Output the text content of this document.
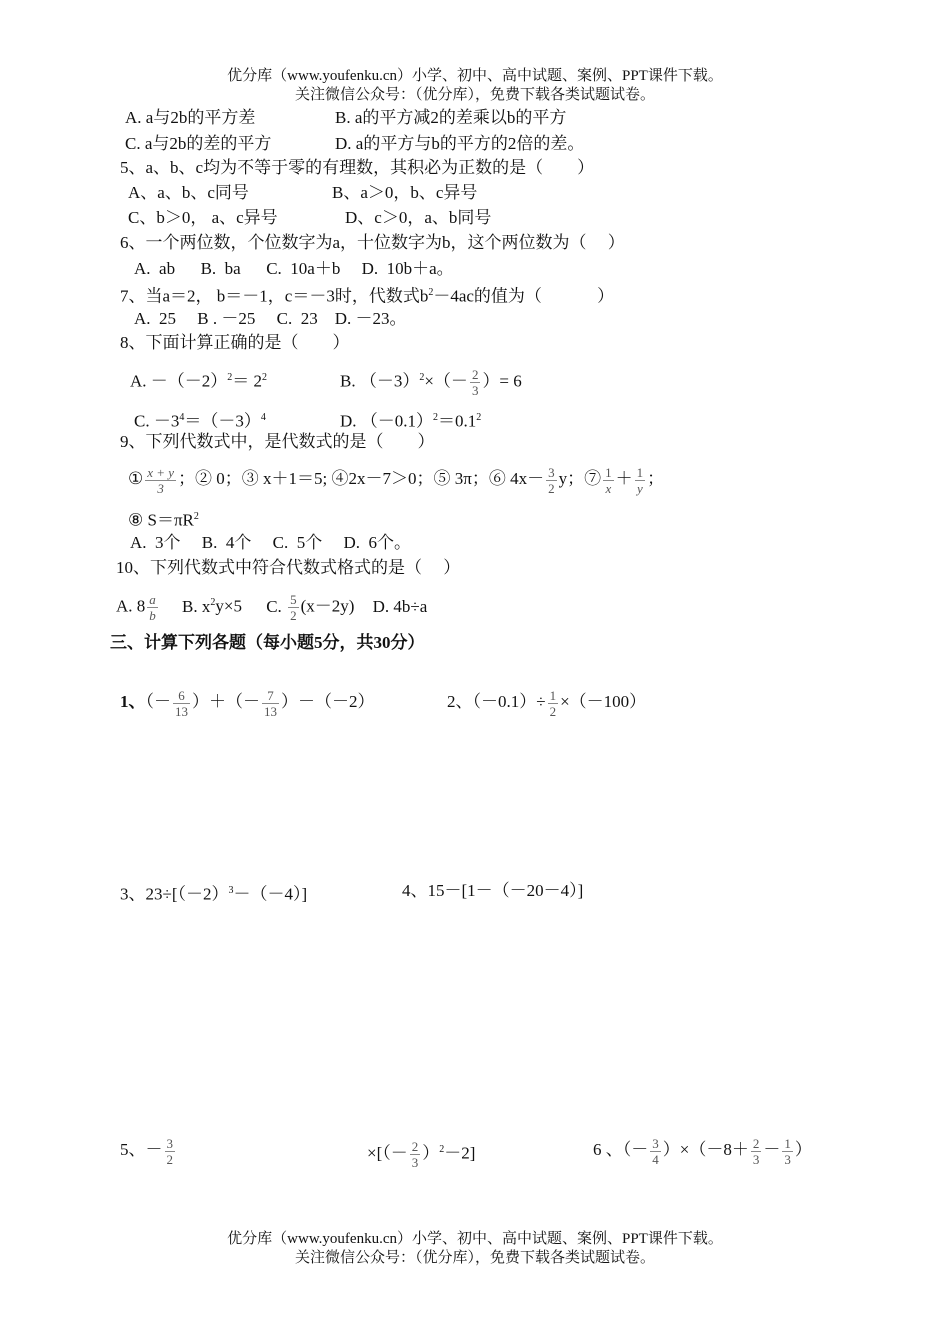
优分库（www.youfenku.cn）小学、初中、高中试题、案例、PPT课件下载。
关注微信公众号：（优分库），免费下载各类试题试卷。
A. a与2b的平方差	B. a的平方减2的差乘以b的平方
C. a与2b的差的平方	D. a的平方与b的平方的2倍的差。
5、a、b、c均为不等于零的有理数，其积必为正数的是（　　）
A、a、b、c同号	B、a＞0，b、c异号
C、b＞0， a、c异号	D、c＞0，a、b同号
6、一个两位数，个位数字为a，十位数字为b，这个两位数为（　 ）
A.  ab      B.  ba      C.  10a＋b     D.  10b＋a。
7、当a＝2， b＝－1，c＝－3时，代数式$b^2-4ac$的值为（　　　 ）
A.  25     B . －25     C.  23    D. －23。
8、下面计算正确的是（　　）
A. $-(-2)^2= 2^2$	B. $(-3)^2\times(- \frac{2}{3}$ ）= 6
C. $-3^4=(-3)^4$	D. $(-0.1)^2=0.1^2$
9、下列代数式中，是代数式的是（　　）
① $\frac{x + y}{3}$ ；② 0；③ x＋1＝5; ④2x－7＞0；⑤ 3π；⑥ $4x- \frac{3}{2}$ y；⑦ $\frac{1}{x} + \frac{1}{y}$ ；
⑧ $S=\pi R^2$
A.  3个     B.  4个     C.  5个     D.  6个。
10、下列代数式中符合代数式格式的是（　 ）
A. $8 \frac{a}{b} B$. $x^2y\times 5$ C. $\frac{5}{2} (x-2y)$ D. 4b÷a
三、计算下列各题（每小题5分，共30分）
1、（－ $\frac{6}{13}$ ）＋（－ $\frac{7}{13} )-(-2)$	2、$(-0.1)\div \frac{1}{2} \times(-100)$
3、$23\div[(-2)^3-(-4)]$	4、15－[1－（－20－4）]
5、－ $\frac{3}{2}$	×[（－ $\frac{2}{3} )^2-2$]	6 、（－ $\frac{3}{4} )\times(-8+ \frac{2}{3} - \frac{1}{3}$ ）
优分库（www.youfenku.cn）小学、初中、高中试题、案例、PPT课件下载。
关注微信公众号：（优分库），免费下载各类试题试卷。
